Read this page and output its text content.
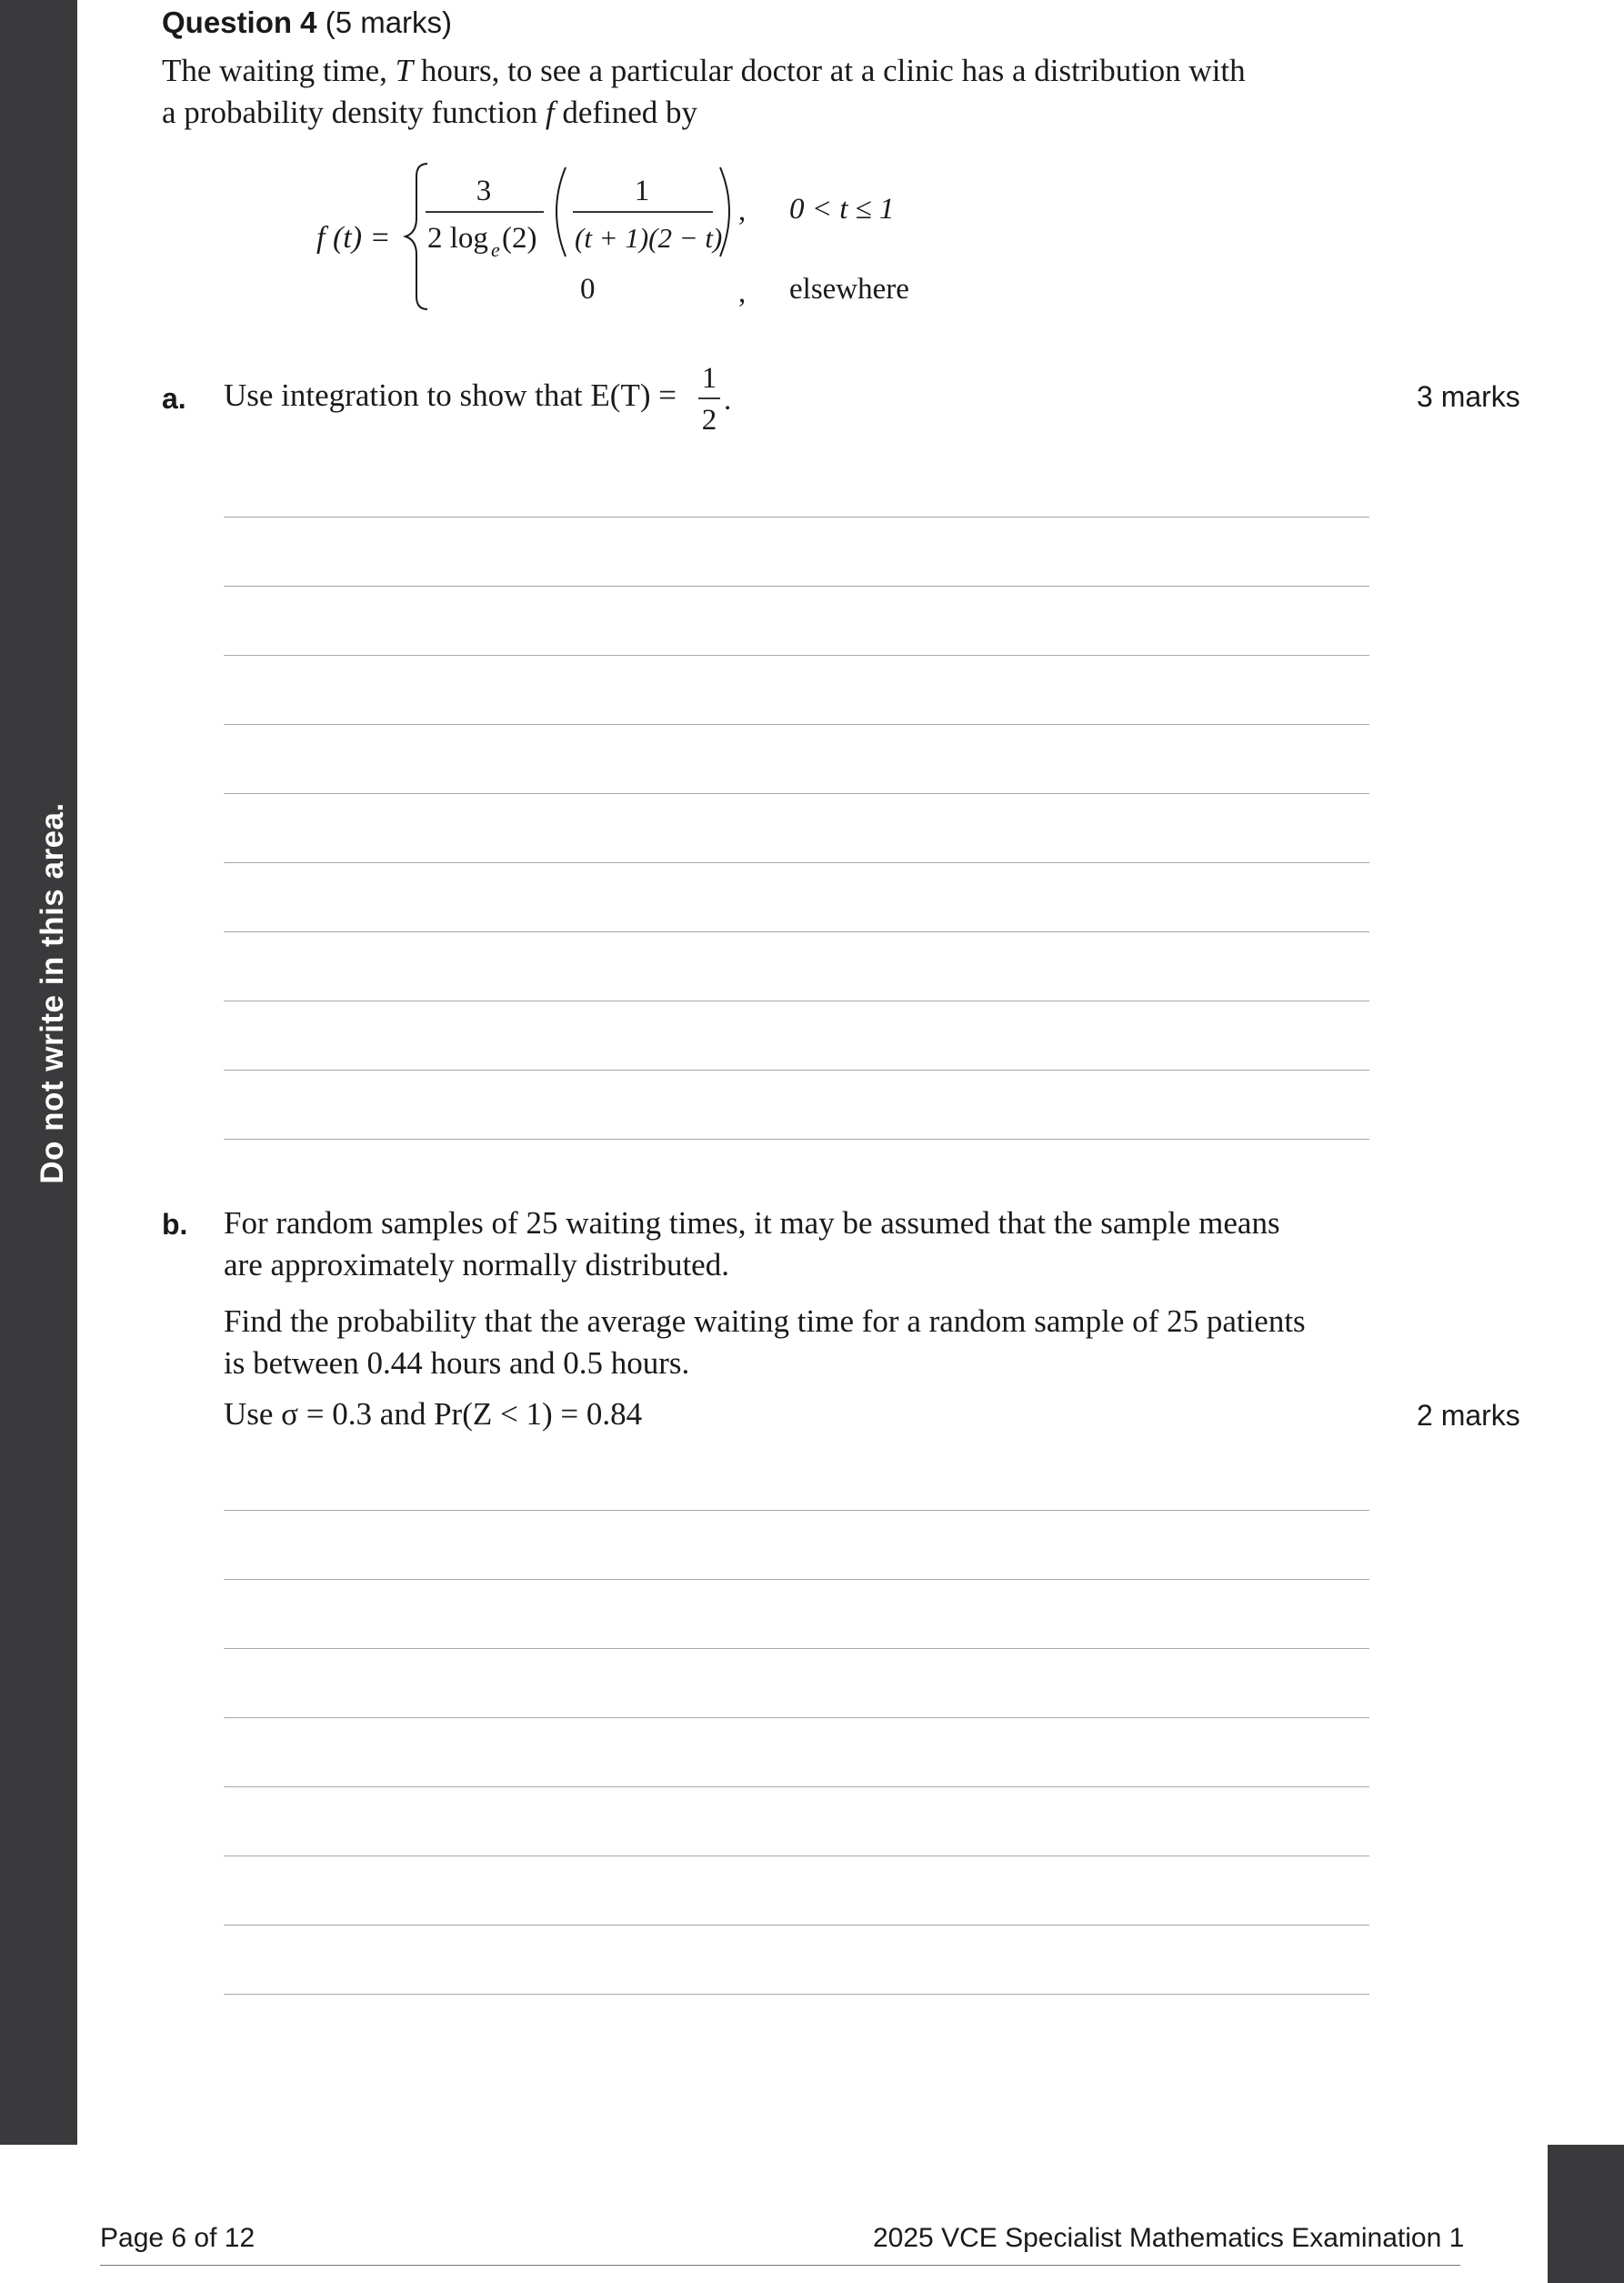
Do not write in this area.
Question 4 (5 marks)
The waiting time, T hours, to see a particular doctor at a clinic has a distribution with
a probability density function f defined by
f (t) =
3
2 log e (2)
1
(t + 1)(2 − t)
, 0 < t ≤ 1
0	, elsewhere
a. Use integration to show that E(T) = 1
2
.	3 marks
b. For random samples of 25 waiting times, it may be assumed that the sample means
are approximately normally distributed.
Find the probability that the average waiting time for a random sample of 25 patients
is between 0.44 hours and 0.5 hours.
Use σ = 0.3 and Pr(Z < 1) = 0.84	2 marks
Page 6 of 12	2025 VCE Specialist Mathematics Examination 1
